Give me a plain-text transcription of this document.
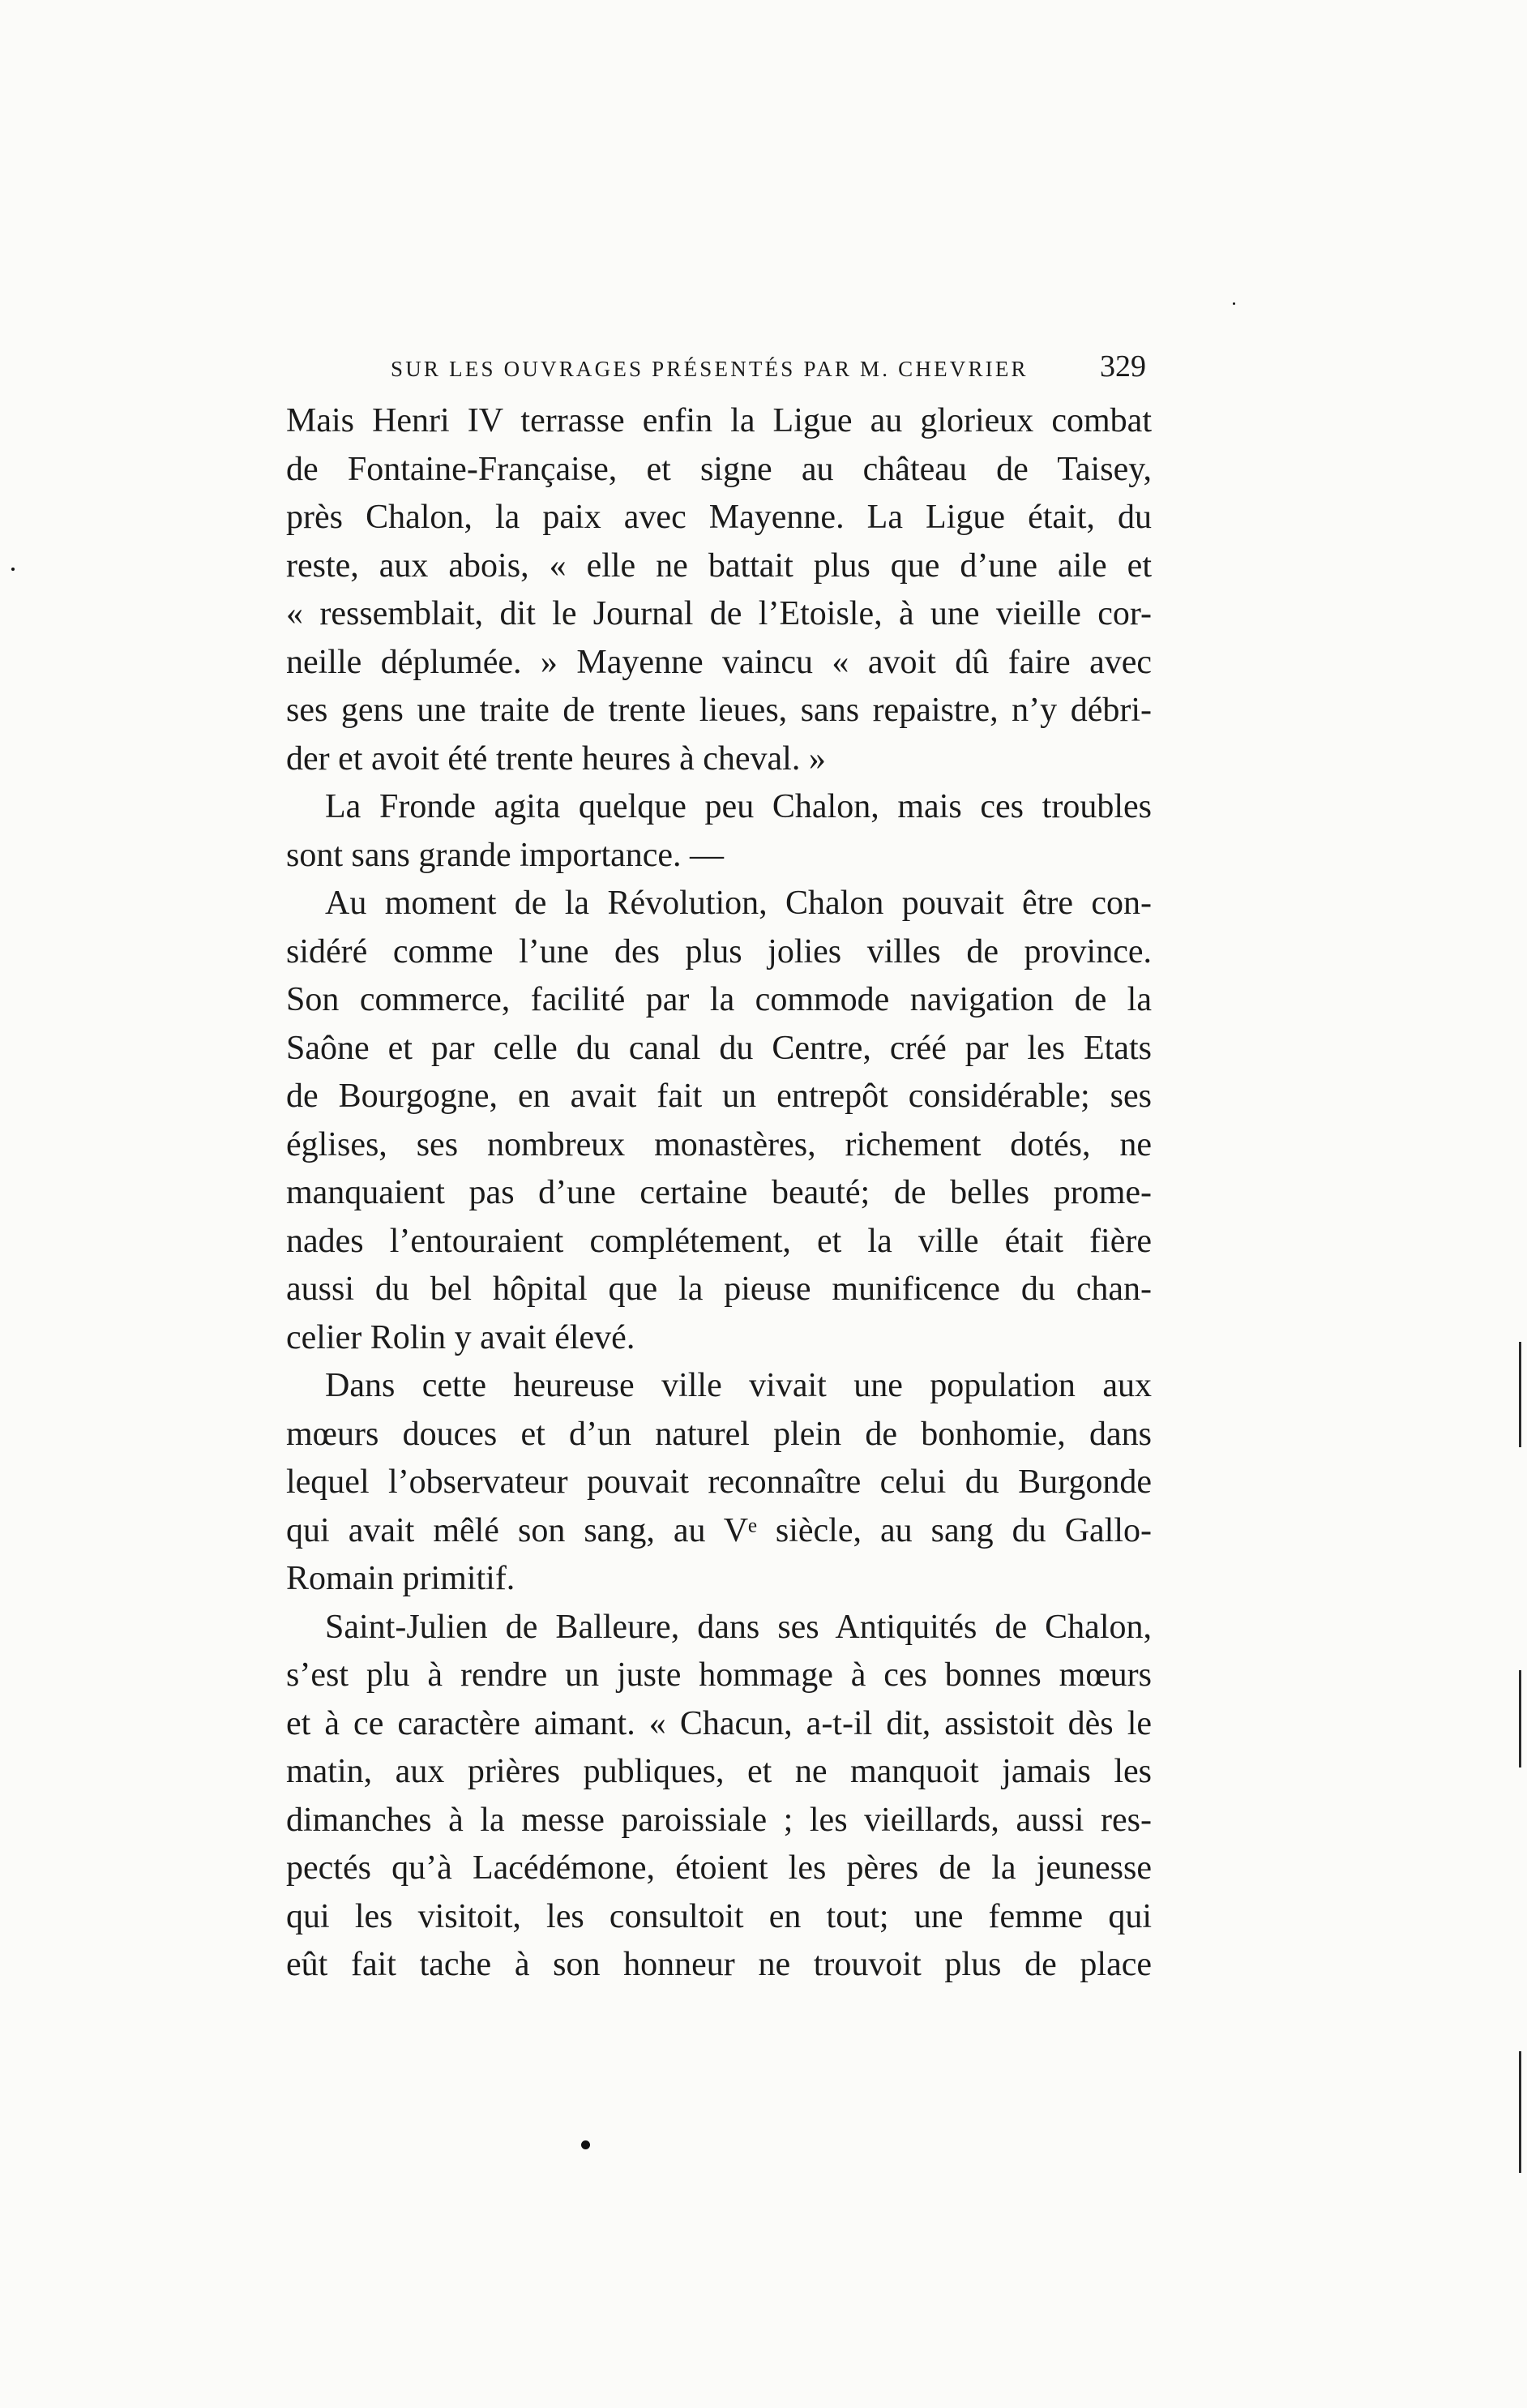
SUR LES OUVRAGES PRÉSENTÉS PAR M. CHEVRIER 329
Mais Henri IV terrasse enfin la Ligue au glorieux combat
de Fontaine-Française, et signe au château de Taisey,
près Chalon, la paix avec Mayenne. La Ligue était, du
reste, aux abois, « elle ne battait plus que d’une aile et
« ressemblait, dit le Journal de l’Etoisle, à une vieille cor-
neille déplumée. » Mayenne vaincu « avoit dû faire avec
ses gens une traite de trente lieues, sans repaistre, n’y débri-
der et avoit été trente heures à cheval. »
La Fronde agita quelque peu Chalon, mais ces troubles
sont sans grande importance. —
Au moment de la Révolution, Chalon pouvait être con-
sidéré comme l’une des plus jolies villes de province.
Son commerce, facilité par la commode navigation de la
Saône et par celle du canal du Centre, créé par les Etats
de Bourgogne, en avait fait un entrepôt considérable; ses
églises, ses nombreux monastères, richement dotés, ne
manquaient pas d’une certaine beauté; de belles prome-
nades l’entouraient complétement, et la ville était fière
aussi du bel hôpital que la pieuse munificence du chan-
celier Rolin y avait élevé.
Dans cette heureuse ville vivait une population aux
mœurs douces et d’un naturel plein de bonhomie, dans
lequel l’observateur pouvait reconnaître celui du Burgonde
qui avait mêlé son sang, au Vᵉ siècle, au sang du Gallo-
Romain primitif.
Saint-Julien de Balleure, dans ses Antiquités de Chalon,
s’est plu à rendre un juste hommage à ces bonnes mœurs
et à ce caractère aimant. « Chacun, a-t-il dit, assistoit dès le
matin, aux prières publiques, et ne manquoit jamais les
dimanches à la messe paroissiale ; les vieillards, aussi res-
pectés qu’à Lacédémone, étoient les pères de la jeunesse
qui les visitoit, les consultoit en tout; une femme qui
eût fait tache à son honneur ne trouvoit plus de place
